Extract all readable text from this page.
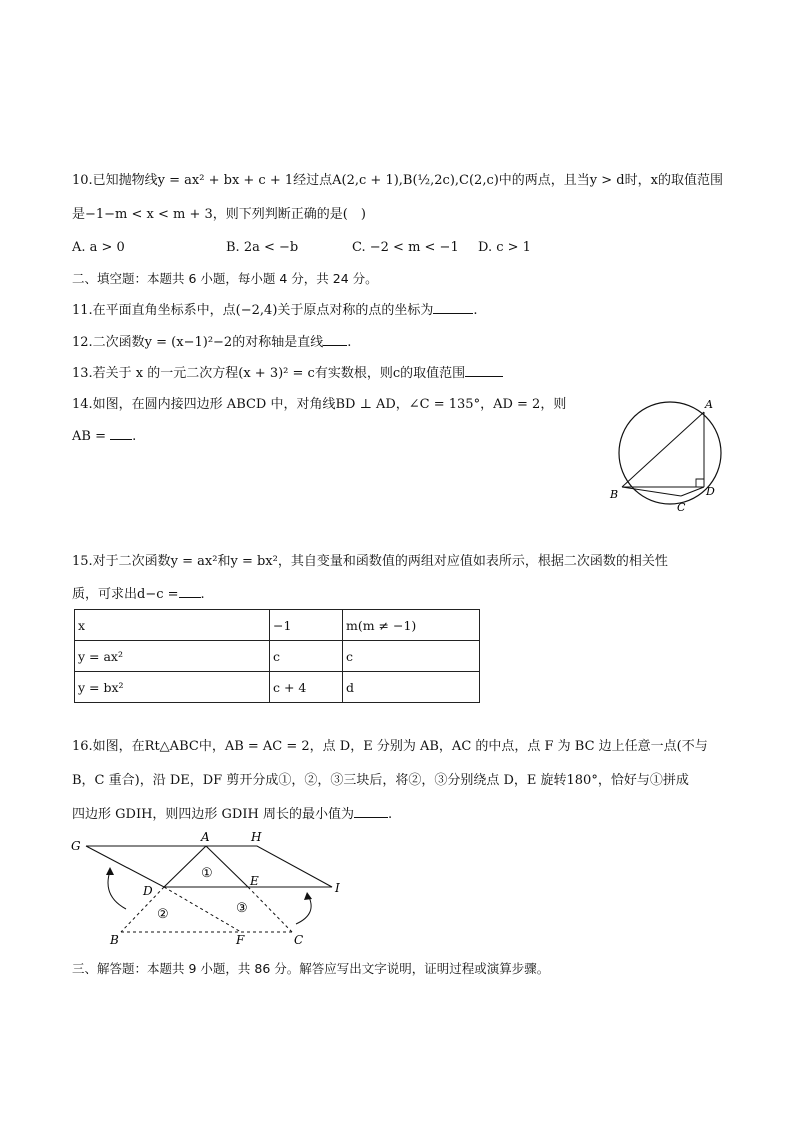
10.已知抛物线y = ax² + bx + c + 1经过点A(2,c + 1),B(½,2c),C(2,c)中的两点，且当y > d时，x的取值范围
是−1−m < x < m + 3，则下列判断正确的是(　)
A. a > 0	B. 2a < −b	C. −2 < m < −1 D. c > 1
二、填空题：本题共 6 小题，每小题 4 分，共 24 分。
11.在平面直角坐标系中，点(−2,4)关于原点对称的点的坐标为	.
12.二次函数y = (x−1)²−2的对称轴是直线 .
13.若关于 x 的一元二次方程(x + 3)² = c有实数根，则c的取值范围
14.如图，在圆内接四边形 ABCD 中，对角线BD ⊥ AD，∠C = 135°，AD = 2，则
AB = .
A
B
C
D
15.对于二次函数y = ax²和y = bx²，其自变量和函数值的两组对应值如表所示，根据二次函数的相关性
质，可求出d−c = .
x	−1	m(m ≠ −1)
y = ax²	c	c
y = bx²	c + 4	d
16.如图，在Rt△ABC中，AB = AC = 2，点 D，E 分别为 AB，AC 的中点，点 F 为 BC 边上任意一点(不与
B，C 重合)，沿 DE，DF 剪开分成①，②，③三块后，将②，③分别绕点 D，E 旋转180°，恰好与①拼成
四边形 GDIH，则四边形 GDIH 周长的最小值为	.
G
A	H
D
E	I
B	F	C
①
②	③
三、解答题：本题共 9 小题，共 86 分。解答应写出文字说明，证明过程或演算步骤。
